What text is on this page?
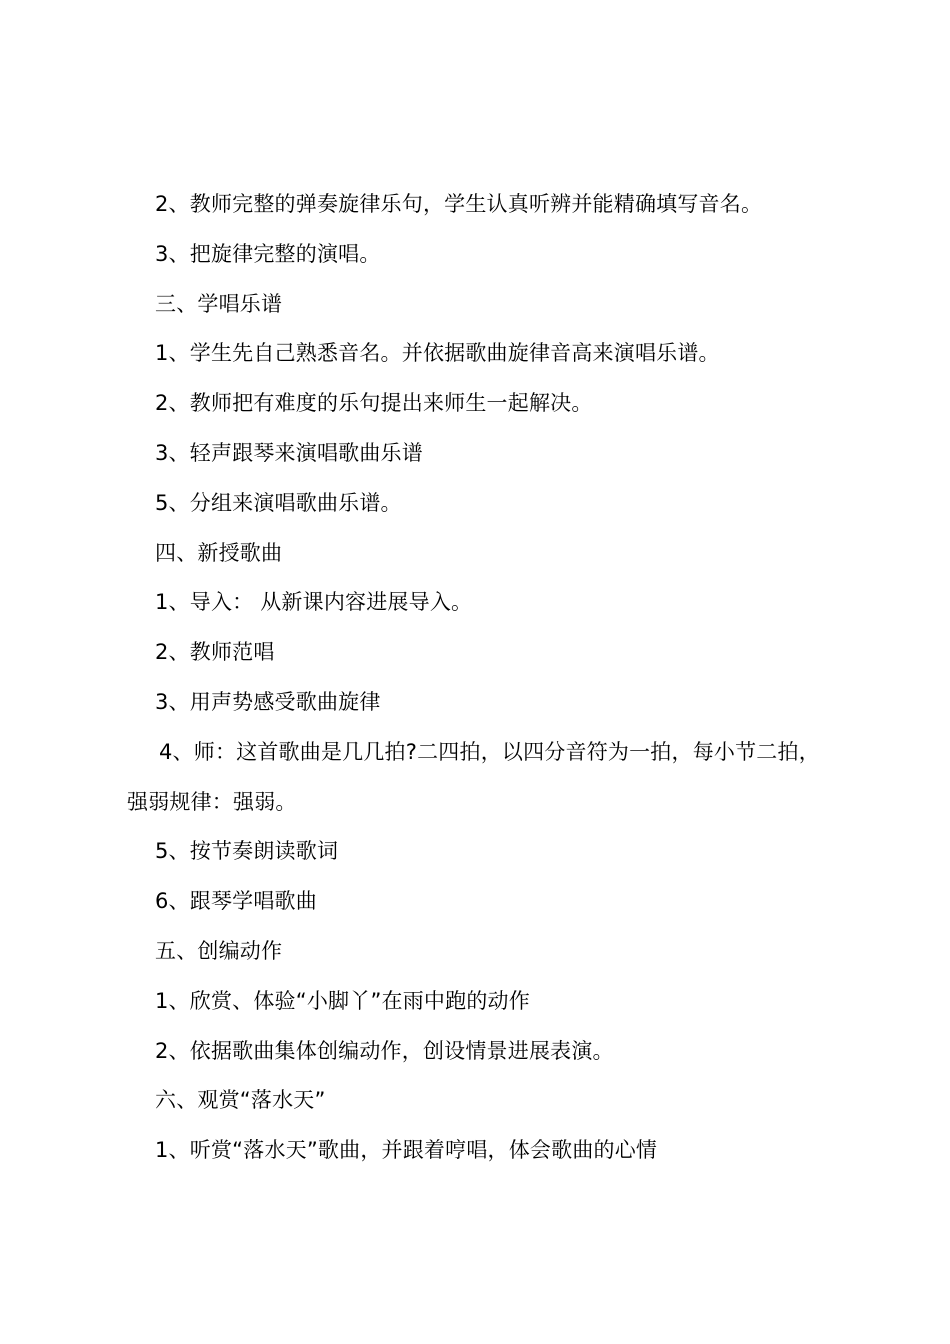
2、教师完整的弹奏旋律乐句，学生认真听辨并能精确填写音名。
3、把旋律完整的演唱。
三、学唱乐谱
1、学生先自己熟悉音名。并依据歌曲旋律音高来演唱乐谱。
2、教师把有难度的乐句提出来师生一起解决。
3、轻声跟琴来演唱歌曲乐谱
5、分组来演唱歌曲乐谱。
四、新授歌曲
1、导入： 从新课内容进展导入。
2、教师范唱
3、用声势感受歌曲旋律
4、师：这首歌曲是几几拍?二四拍，以四分音符为一拍，每小节二拍，强弱规律：强弱。
5、按节奏朗读歌词
6、跟琴学唱歌曲
五、创编动作
1、欣赏、体验“小脚丫”在雨中跑的动作
2、依据歌曲集体创编动作，创设情景进展表演。
六、观赏“落水天”
1、听赏“落水天”歌曲，并跟着哼唱，体会歌曲的心情
